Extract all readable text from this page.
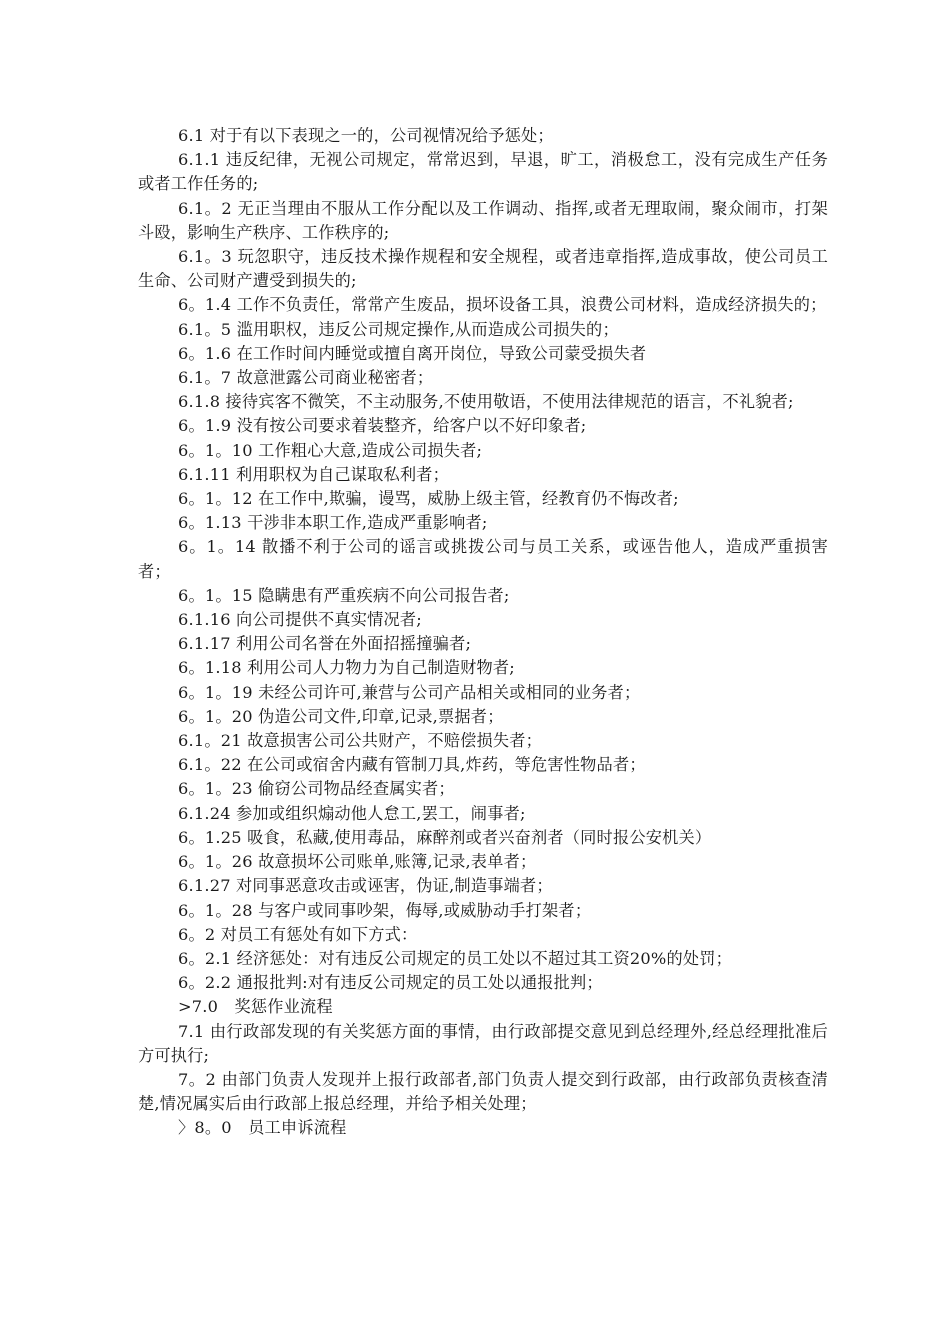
6.1 对于有以下表现之一的，公司视情况给予惩处；

6.1.1 违反纪律，无视公司规定，常常迟到，早退，旷工，消极怠工，没有完成生产任务或者工作任务的;

6.1。2 无正当理由不服从工作分配以及工作调动、指挥,或者无理取闹，聚众闹市，打架斗殴，影响生产秩序、工作秩序的;

6.1。3 玩忽职守，违反技术操作规程和安全规程，或者违章指挥,造成事故，使公司员工生命、公司财产遭受到损失的;

6。1.4 工作不负责任，常常产生废品，损坏设备工具，浪费公司材料，造成经济损失的；

6.1。5 滥用职权，违反公司规定操作,从而造成公司损失的；

6。1.6 在工作时间内睡觉或擅自离开岗位，导致公司蒙受损失者

6.1。7 故意泄露公司商业秘密者；

6.1.8 接待宾客不微笑，不主动服务,不使用敬语，不使用法律规范的语言，不礼貌者;

6。1.9 没有按公司要求着装整齐，给客户以不好印象者;

6。1。10 工作粗心大意,造成公司损失者;

6.1.11 利用职权为自己谋取私利者；

6。1。12 在工作中,欺骗，谩骂，威胁上级主管，经教育仍不悔改者;

6。1.13 干涉非本职工作,造成严重影响者;

6。1。14 散播不利于公司的谣言或挑拨公司与员工关系，或诬告他人，造成严重损害者；

6。1。15 隐瞒患有严重疾病不向公司报告者;

6.1.16 向公司提供不真实情况者;

6.1.17 利用公司名誉在外面招摇撞骗者;

6。1.18 利用公司人力物力为自己制造财物者;

6。1。19 未经公司许可,兼营与公司产品相关或相同的业务者；

6。1。20 伪造公司文件,印章,记录,票据者；

6.1。21 故意损害公司公共财产，不赔偿损失者；

6.1。22 在公司或宿舍内藏有管制刀具,炸药，等危害性物品者；

6。1。23 偷窃公司物品经查属实者；

6.1.24 参加或组织煽动他人怠工,罢工，闹事者;

6。1.25 吸食，私藏,使用毒品，麻醉剂或者兴奋剂者（同时报公安机关）

6。1。26 故意损坏公司账单,账簿,记录,表单者；

6.1.27 对同事恶意攻击或诬害，伪证,制造事端者；

6。1。28 与客户或同事吵架，侮辱,或威胁动手打架者；

6。2 对员工有惩处有如下方式：

6。2.1 经济惩处：对有违反公司规定的员工处以不超过其工资20%的处罚；

6。2.2 通报批判:对有违反公司规定的员工处以通报批判；

>7.0　奖惩作业流程

7.1 由行政部发现的有关奖惩方面的事情，由行政部提交意见到总经理外,经总经理批准后方可执行;

7。2 由部门负责人发现并上报行政部者,部门负责人提交到行政部，由行政部负责核查清楚,情况属实后由行政部上报总经理，并给予相关处理；

〉8。0　员工申诉流程
